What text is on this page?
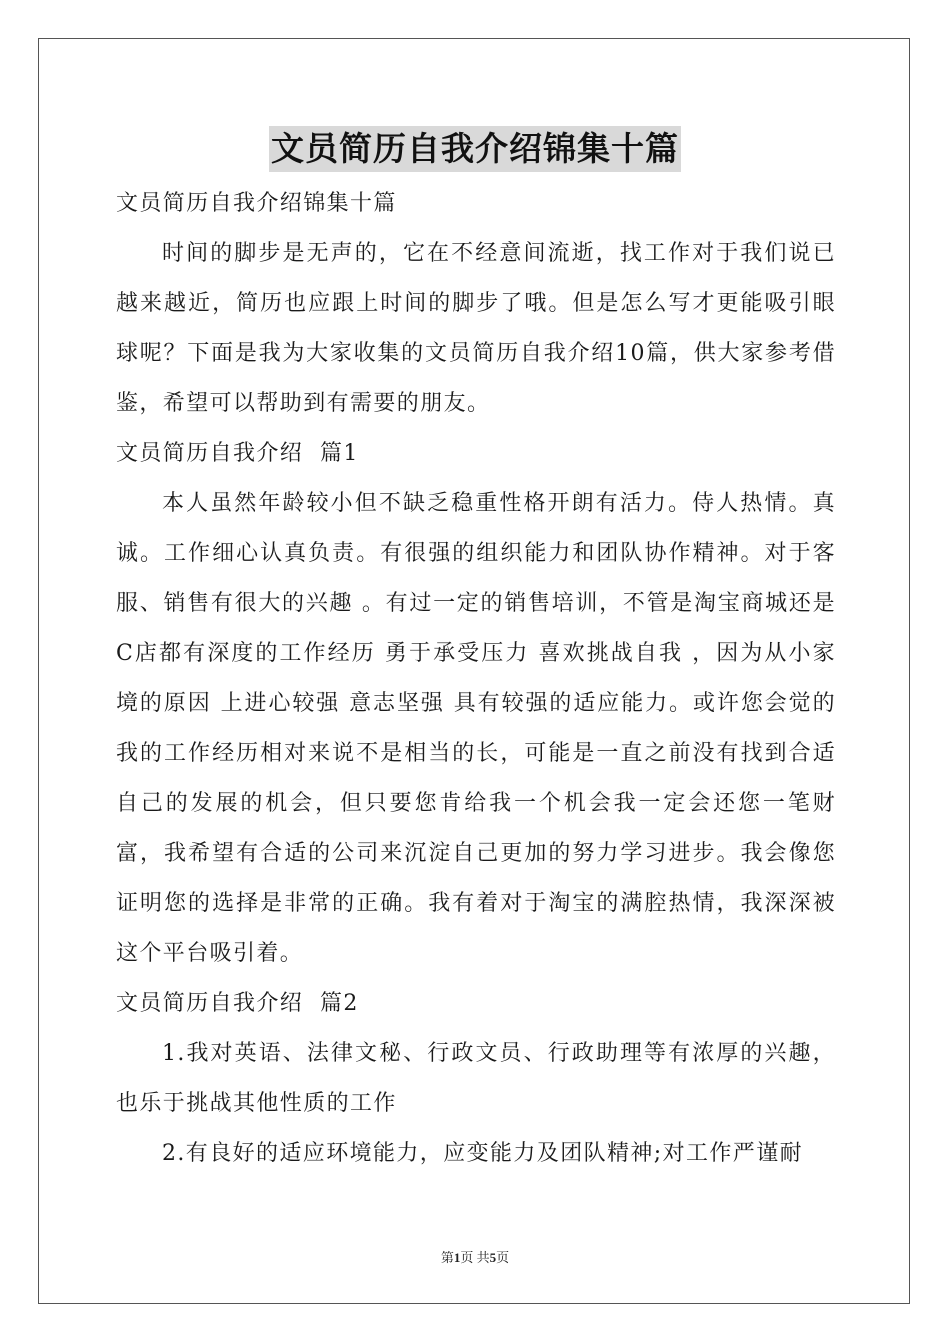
文员简历自我介绍锦集十篇

文员简历自我介绍锦集十篇

时间的脚步是无声的，它在不经意间流逝，找工作对于我们说已越来越近，简历也应跟上时间的脚步了哦。但是怎么写才更能吸引眼球呢？下面是我为大家收集的文员简历自我介绍10篇，供大家参考借鉴，希望可以帮助到有需要的朋友。

文员简历自我介绍  篇1

本人虽然年龄较小但不缺乏稳重性格开朗有活力。侍人热情。真诚。工作细心认真负责。有很强的组织能力和团队协作精神。对于客服、销售有很大的兴趣 。有过一定的销售培训，不管是淘宝商城还是C店都有深度的工作经历 勇于承受压力 喜欢挑战自我 ，因为从小家境的原因 上进心较强 意志坚强 具有较强的适应能力。或许您会觉的我的工作经历相对来说不是相当的长，可能是一直之前没有找到合适自己的发展的机会，但只要您肯给我一个机会我一定会还您一笔财富，我希望有合适的公司来沉淀自己更加的努力学习进步。我会像您证明您的选择是非常的正确。我有着对于淘宝的满腔热情，我深深被这个平台吸引着。

文员简历自我介绍  篇2

1.我对英语、法律文秘、行政文员、行政助理等有浓厚的兴趣，也乐于挑战其他性质的工作

2.有良好的适应环境能力，应变能力及团队精神;对工作严谨耐

第1页 共5页
